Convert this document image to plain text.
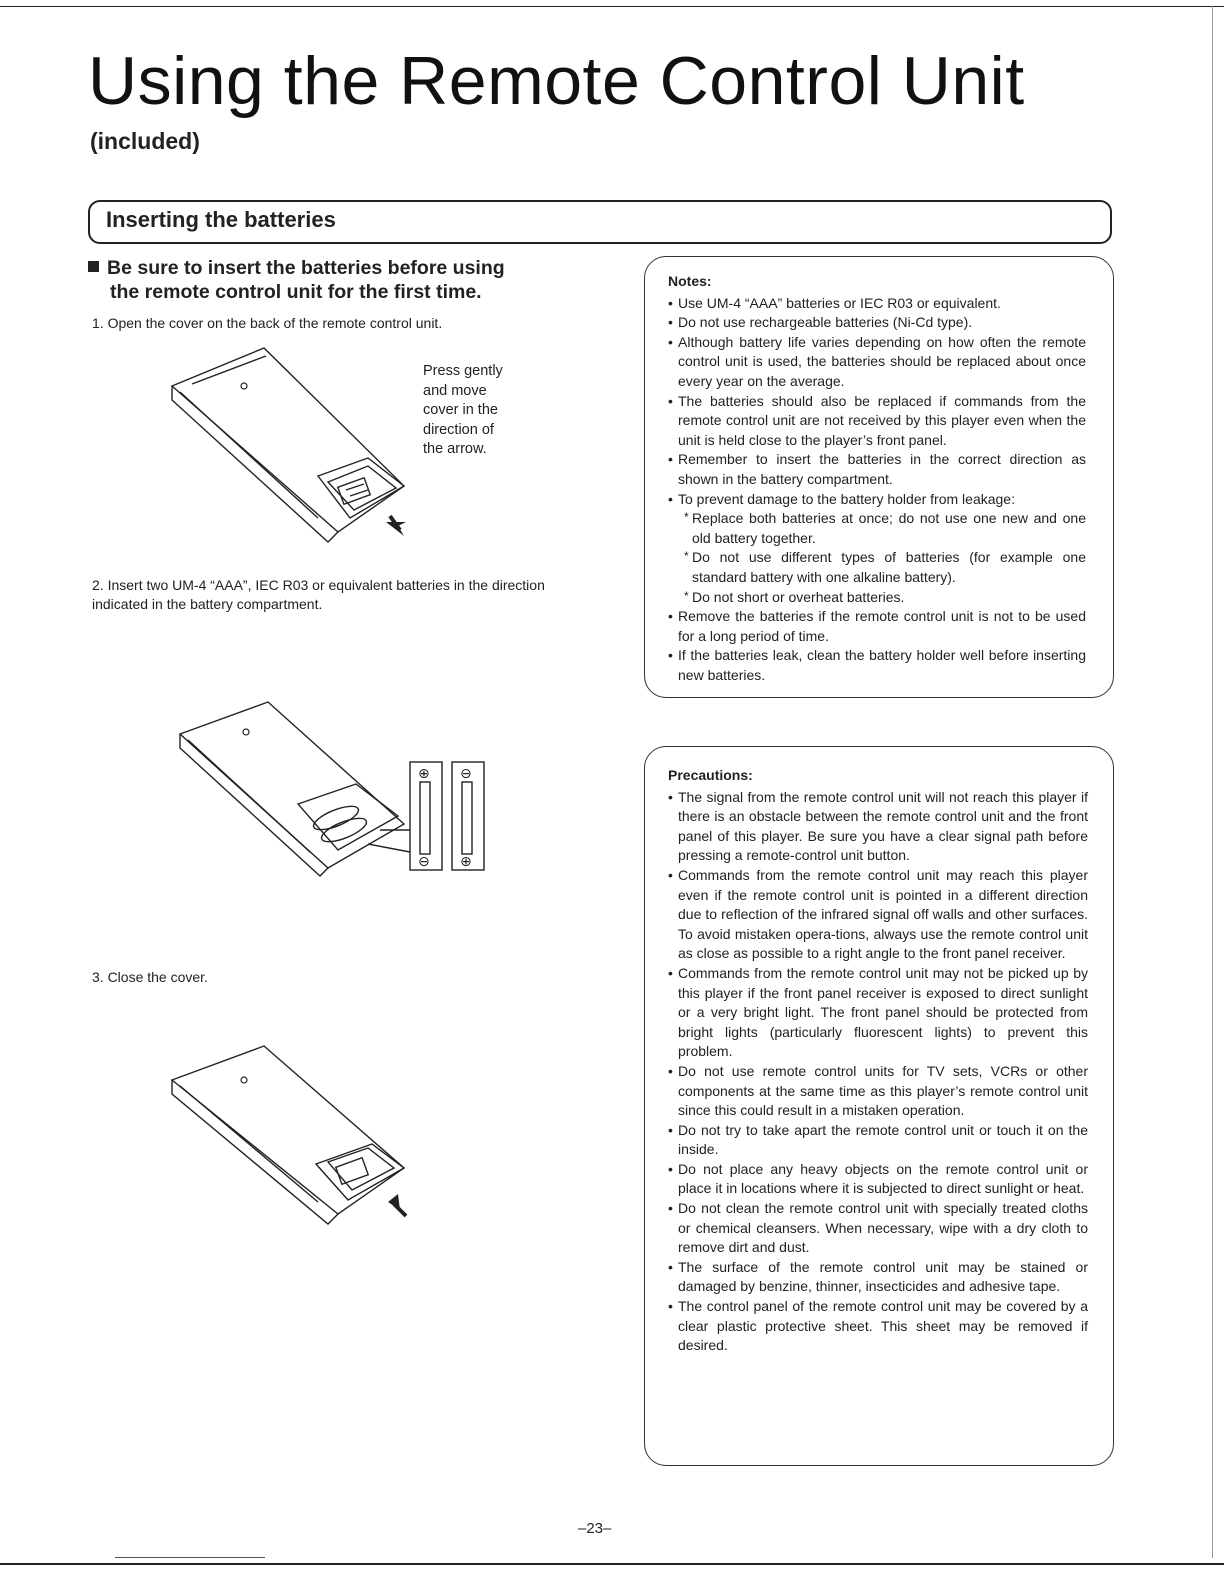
Using the Remote Control Unit
(included)
Inserting the batteries
Be sure to insert the batteries before using
the remote control unit for the first time.
1. Open the cover on the back of the remote control unit.
Press gently
and move
cover in the
direction of
the arrow.
2. Insert two UM-4 “AAA”, IEC R03 or equivalent batteries in the direction indicated in the battery compartment.
⊕
⊖
⊖
⊕
3. Close the cover.
Notes:
• Use UM-4 “AAA” batteries or IEC R03 or equivalent.
• Do not use rechargeable batteries (Ni-Cd type).
• Although battery life varies depending on how often the remote control unit is used, the batteries should be replaced about once every year on the average.
• The batteries should also be replaced if commands from the remote control unit are not received by this player even when the unit is held close to the player’s front panel.
• Remember to insert the batteries in the correct direction as shown in the battery compartment.
• To prevent damage to the battery holder from leakage:
* Replace both batteries at once; do not use one new and one old battery together.
* Do not use different types of batteries (for example one standard battery with one alkaline battery).
* Do not short or overheat batteries.
• Remove the batteries if the remote control unit is not to be used for a long period of time.
• If the batteries leak, clean the battery holder well before inserting new batteries.
Precautions:
• The signal from the remote control unit will not reach this player if there is an obstacle between the remote control unit and the front panel of this player. Be sure you have a clear signal path before pressing a remote-control unit button.
• Commands from the remote control unit may reach this player even if the remote control unit is pointed in a different direction due to reflection of the infrared signal off walls and other surfaces. To avoid mistaken opera-tions, always use the remote control unit as close as possible to a right angle to the front panel receiver.
• Commands from the remote control unit may not be picked up by this player if the front panel receiver is exposed to direct sunlight or a very bright light. The front panel should be protected from bright lights (particularly fluorescent lights) to prevent this problem.
• Do not use remote control units for TV sets, VCRs or other components at the same time as this player’s remote control unit since this could result in a mistaken operation.
• Do not try to take apart the remote control unit or touch it on the inside.
• Do not place any heavy objects on the remote control unit or place it in locations where it is subjected to direct sunlight or heat.
• Do not clean the remote control unit with specially treated cloths or chemical cleansers. When necessary, wipe with a dry cloth to remove dirt and dust.
• The surface of the remote control unit may be stained or damaged by benzine, thinner, insecticides and adhesive tape.
• The control panel of the remote control unit may be covered by a clear plastic protective sheet. This sheet may be removed if desired.
–23–
